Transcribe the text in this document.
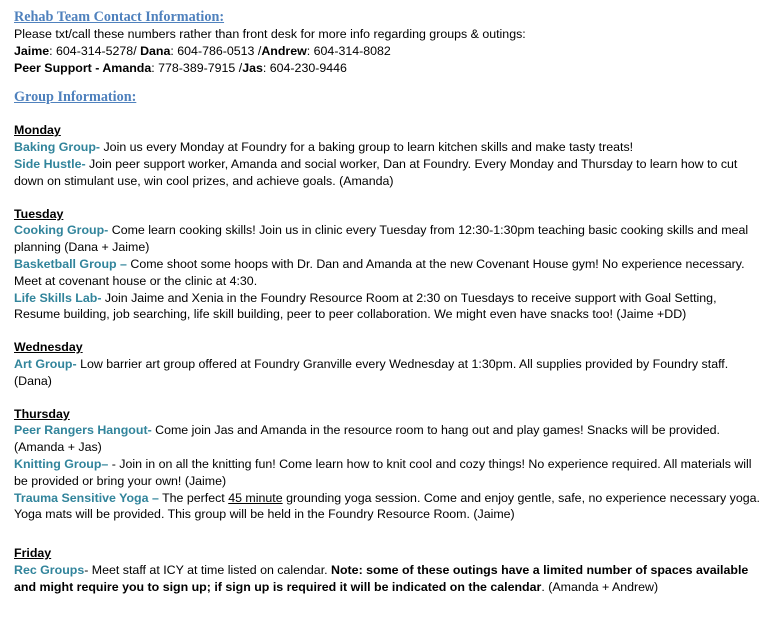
Rehab Team Contact Information:

Please txt/call these numbers rather than front desk for more info regarding groups & outings:

Jaime: 604-314-5278/ Dana: 604-786-0513 /Andrew: 604-314-8082

Peer Support - Amanda: 778-389-7915 /Jas: 604-230-9446

Group Information:

Monday

Baking Group- Join us every Monday at Foundry for a baking group to learn kitchen skills and make tasty treats!

Side Hustle- Join peer support worker, Amanda and social worker, Dan at Foundry. Every Monday and Thursday to learn how to cut down on stimulant use, win cool prizes, and achieve goals. (Amanda)

Tuesday

Cooking Group- Come learn cooking skills! Join us in clinic every Tuesday from 12:30-1:30pm teaching basic cooking skills and meal planning (Dana + Jaime)

Basketball Group – Come shoot some hoops with Dr. Dan and Amanda at the new Covenant House gym! No experience necessary. Meet at covenant house or the clinic at 4:30.

Life Skills Lab- Join Jaime and Xenia in the Foundry Resource Room at 2:30 on Tuesdays to receive support with Goal Setting, Resume building, job searching, life skill building, peer to peer collaboration. We might even have snacks too! (Jaime +DD)

Wednesday

Art Group- Low barrier art group offered at Foundry Granville every Wednesday at 1:30pm. All supplies provided by Foundry staff. (Dana)

Thursday

Peer Rangers Hangout- Come join Jas and Amanda in the resource room to hang out and play games! Snacks will be provided. (Amanda + Jas)

Knitting Group– - Join in on all the knitting fun! Come learn how to knit cool and cozy things! No experience required. All materials will be provided or bring your own! (Jaime)

Trauma Sensitive Yoga – The perfect 45 minute grounding yoga session. Come and enjoy gentle, safe, no experience necessary yoga. Yoga mats will be provided. This group will be held in the Foundry Resource Room. (Jaime)

Friday

Rec Groups- Meet staff at ICY at time listed on calendar. Note: some of these outings have a limited number of spaces available and might require you to sign up; if sign up is required it will be indicated on the calendar. (Amanda + Andrew)
